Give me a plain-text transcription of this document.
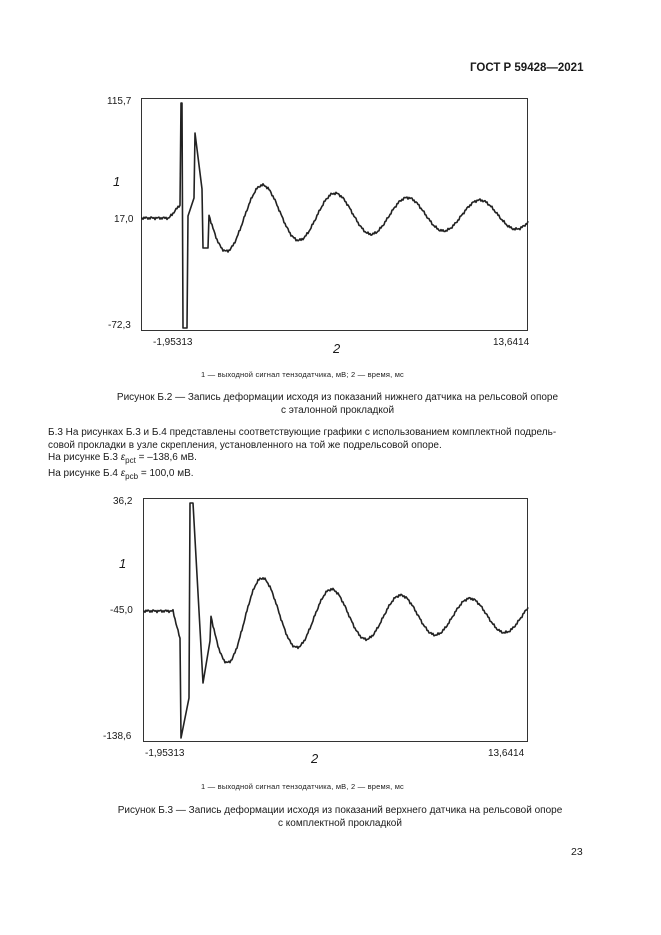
ГОСТ Р 59428—2021
115,7
17,0
-72,3
-1,95313	13,6414
1
2
1 — выходной сигнал тензодатчика, мВ; 2 — время, мс
Рисунок Б.2 — Запись деформации исходя из показаний нижнего датчика на рельсовой опоре
с эталонной прокладкой
Б.3 На рисунках Б.3 и Б.4 представлены соответствующие графики с использованием комплектной подрель-
совой прокладки в узле скрепления, установленного на той же подрельсовой опоре.
На рисунке Б.3 $\varepsilon_{pct} = -138,6$ мВ.
На рисунке Б.4 $\varepsilon_{pcb} = 100,0$ мВ.
36,2
-45,0
-138,6
-1,95313	13,6414
1
2
1 — выходной сигнал тензодатчика, мВ, 2 — время, мс
Рисунок Б.3 — Запись деформации исходя из показаний верхнего датчика на рельсовой опоре
с комплектной прокладкой
23
